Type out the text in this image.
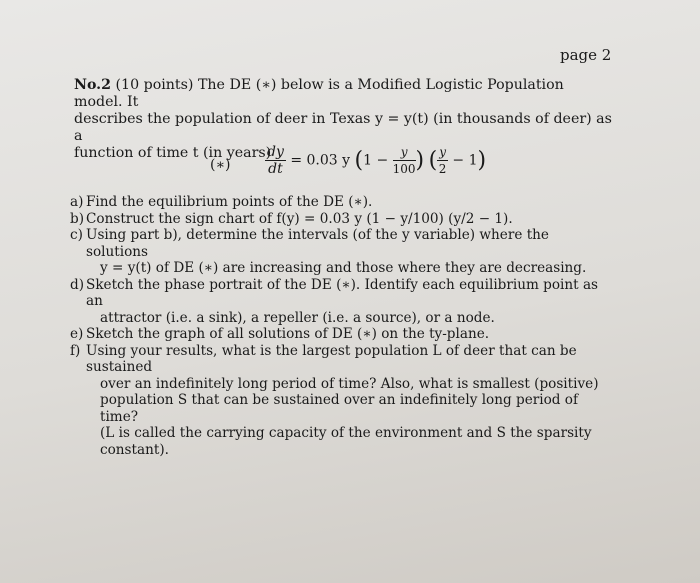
page 2
No.2 (10 points) The DE (∗) below is a Modified Logistic Population model. It
describes the population of deer in Texas y = y(t) (in thousands of deer) as a
function of time t (in years)
(∗) $\frac{dy}{dt} = 0.03$ y ($1 - \frac{y}{100}$ ) ( $\frac{y}{2} - 1$)
a) Find the equilibrium points of the DE (∗).
b) Construct the sign chart of f(y) = 0.03 y (1 − y/100) (y/2 − 1).
c) Using part b), determine the intervals (of the y variable) where the solutions
y = y(t) of DE (∗) are increasing and those where they are decreasing.
d) Sketch the phase portrait of the DE (∗). Identify each equilibrium point as an
attractor (i.e. a sink), a repeller (i.e. a source), or a node.
e) Sketch the graph of all solutions of DE (∗) on the ty-plane.
f) Using your results, what is the largest population L of deer that can be sustained
over an indefinitely long period of time? Also, what is smallest (positive)
population S that can be sustained over an indefinitely long period of time?
(L is called the carrying capacity of the environment and S the sparsity constant).
